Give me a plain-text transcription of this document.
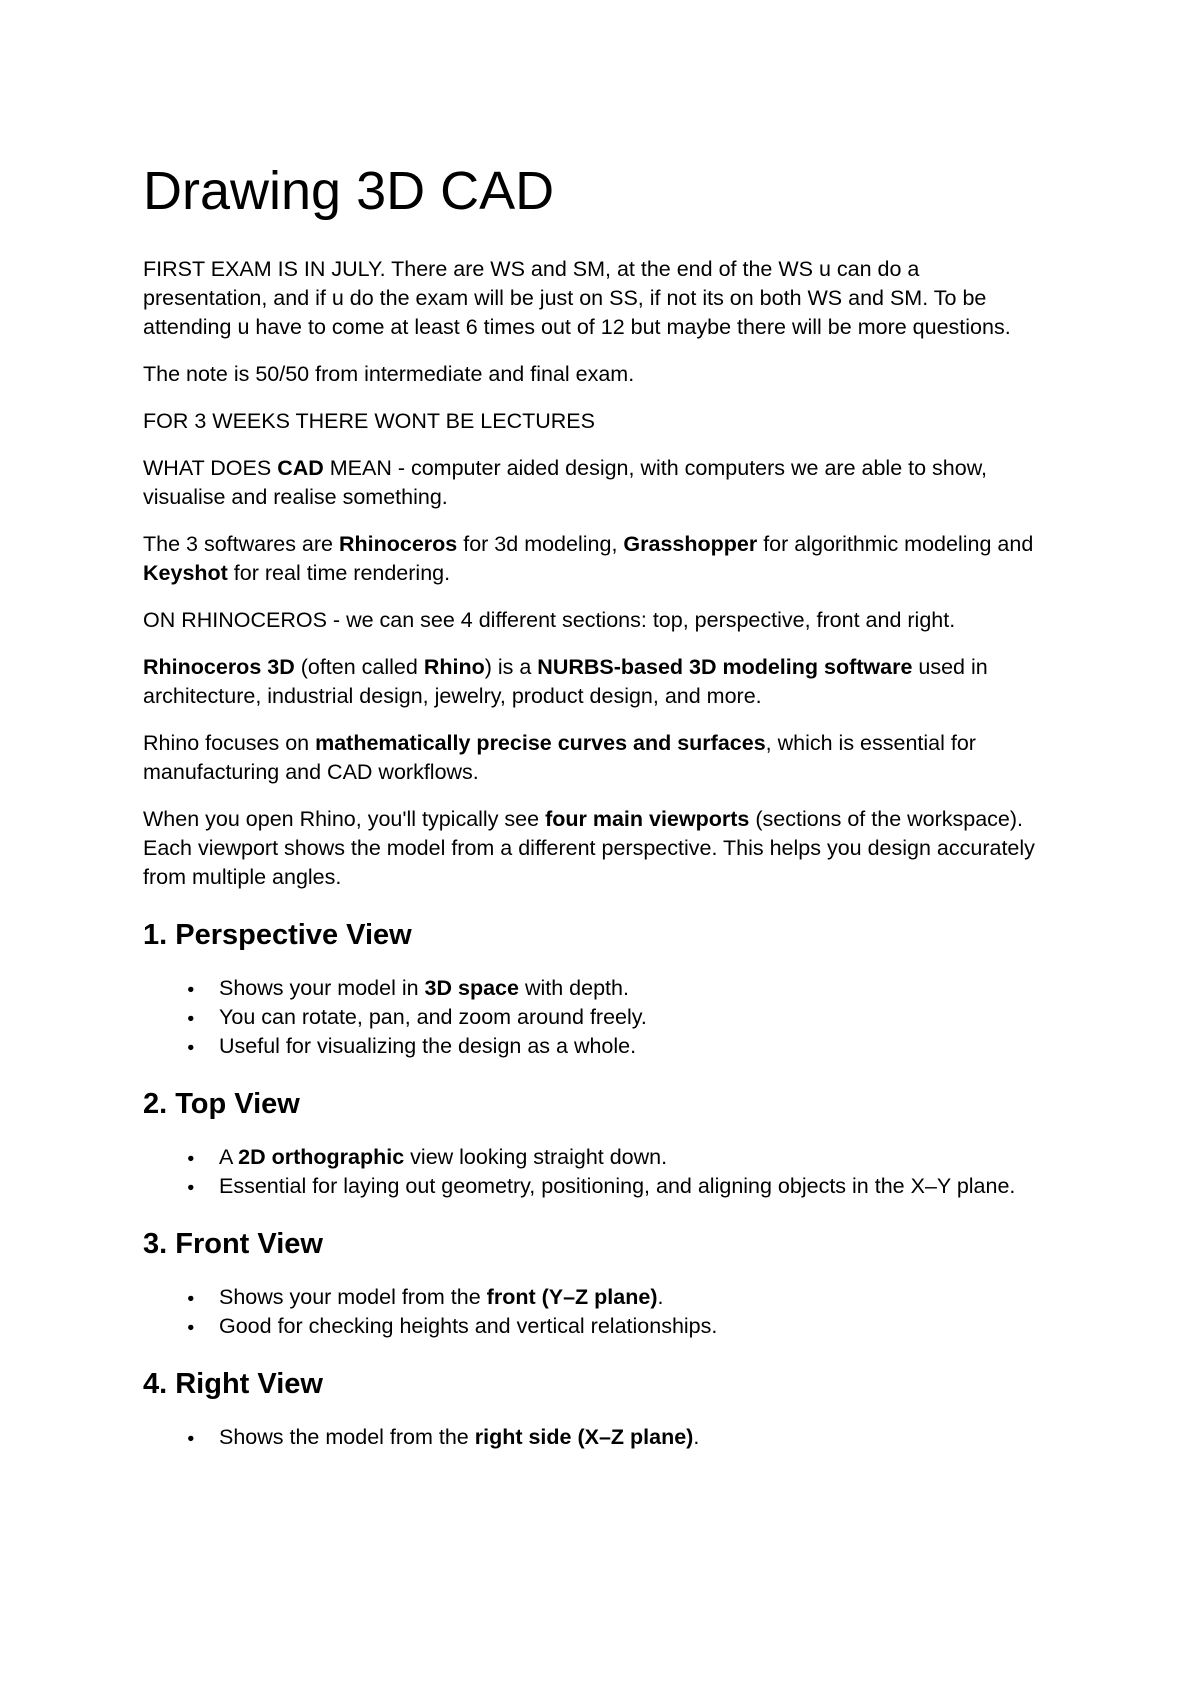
Drawing 3D CAD

FIRST EXAM IS IN JULY. There are WS and SM, at the end of the WS u can do a presentation, and if u do the exam will be just on SS, if not its on both WS and SM. To be attending u have to come at least 6 times out of 12 but maybe there will be more questions.

The note is 50/50 from intermediate and final exam.

FOR 3 WEEKS THERE WONT BE LECTURES

WHAT DOES CAD MEAN - computer aided design, with computers we are able to show, visualise and realise something.

The 3 softwares are Rhinoceros for 3d modeling, Grasshopper for algorithmic modeling and Keyshot for real time rendering.

ON RHINOCEROS - we can see 4 different sections: top, perspective, front and right.

Rhinoceros 3D (often called Rhino) is a NURBS-based 3D modeling software used in architecture, industrial design, jewelry, product design, and more.

Rhino focuses on mathematically precise curves and surfaces, which is essential for manufacturing and CAD workflows.

When you open Rhino, you'll typically see four main viewports (sections of the workspace). Each viewport shows the model from a different perspective. This helps you design accurately from multiple angles.

1. Perspective View
● Shows your model in 3D space with depth.
● You can rotate, pan, and zoom around freely.
● Useful for visualizing the design as a whole.
2. Top View
● A 2D orthographic view looking straight down.
● Essential for laying out geometry, positioning, and aligning objects in the X–Y plane.
3. Front View
● Shows your model from the front (Y–Z plane).
● Good for checking heights and vertical relationships.
4. Right View
● Shows the model from the right side (X–Z plane).
